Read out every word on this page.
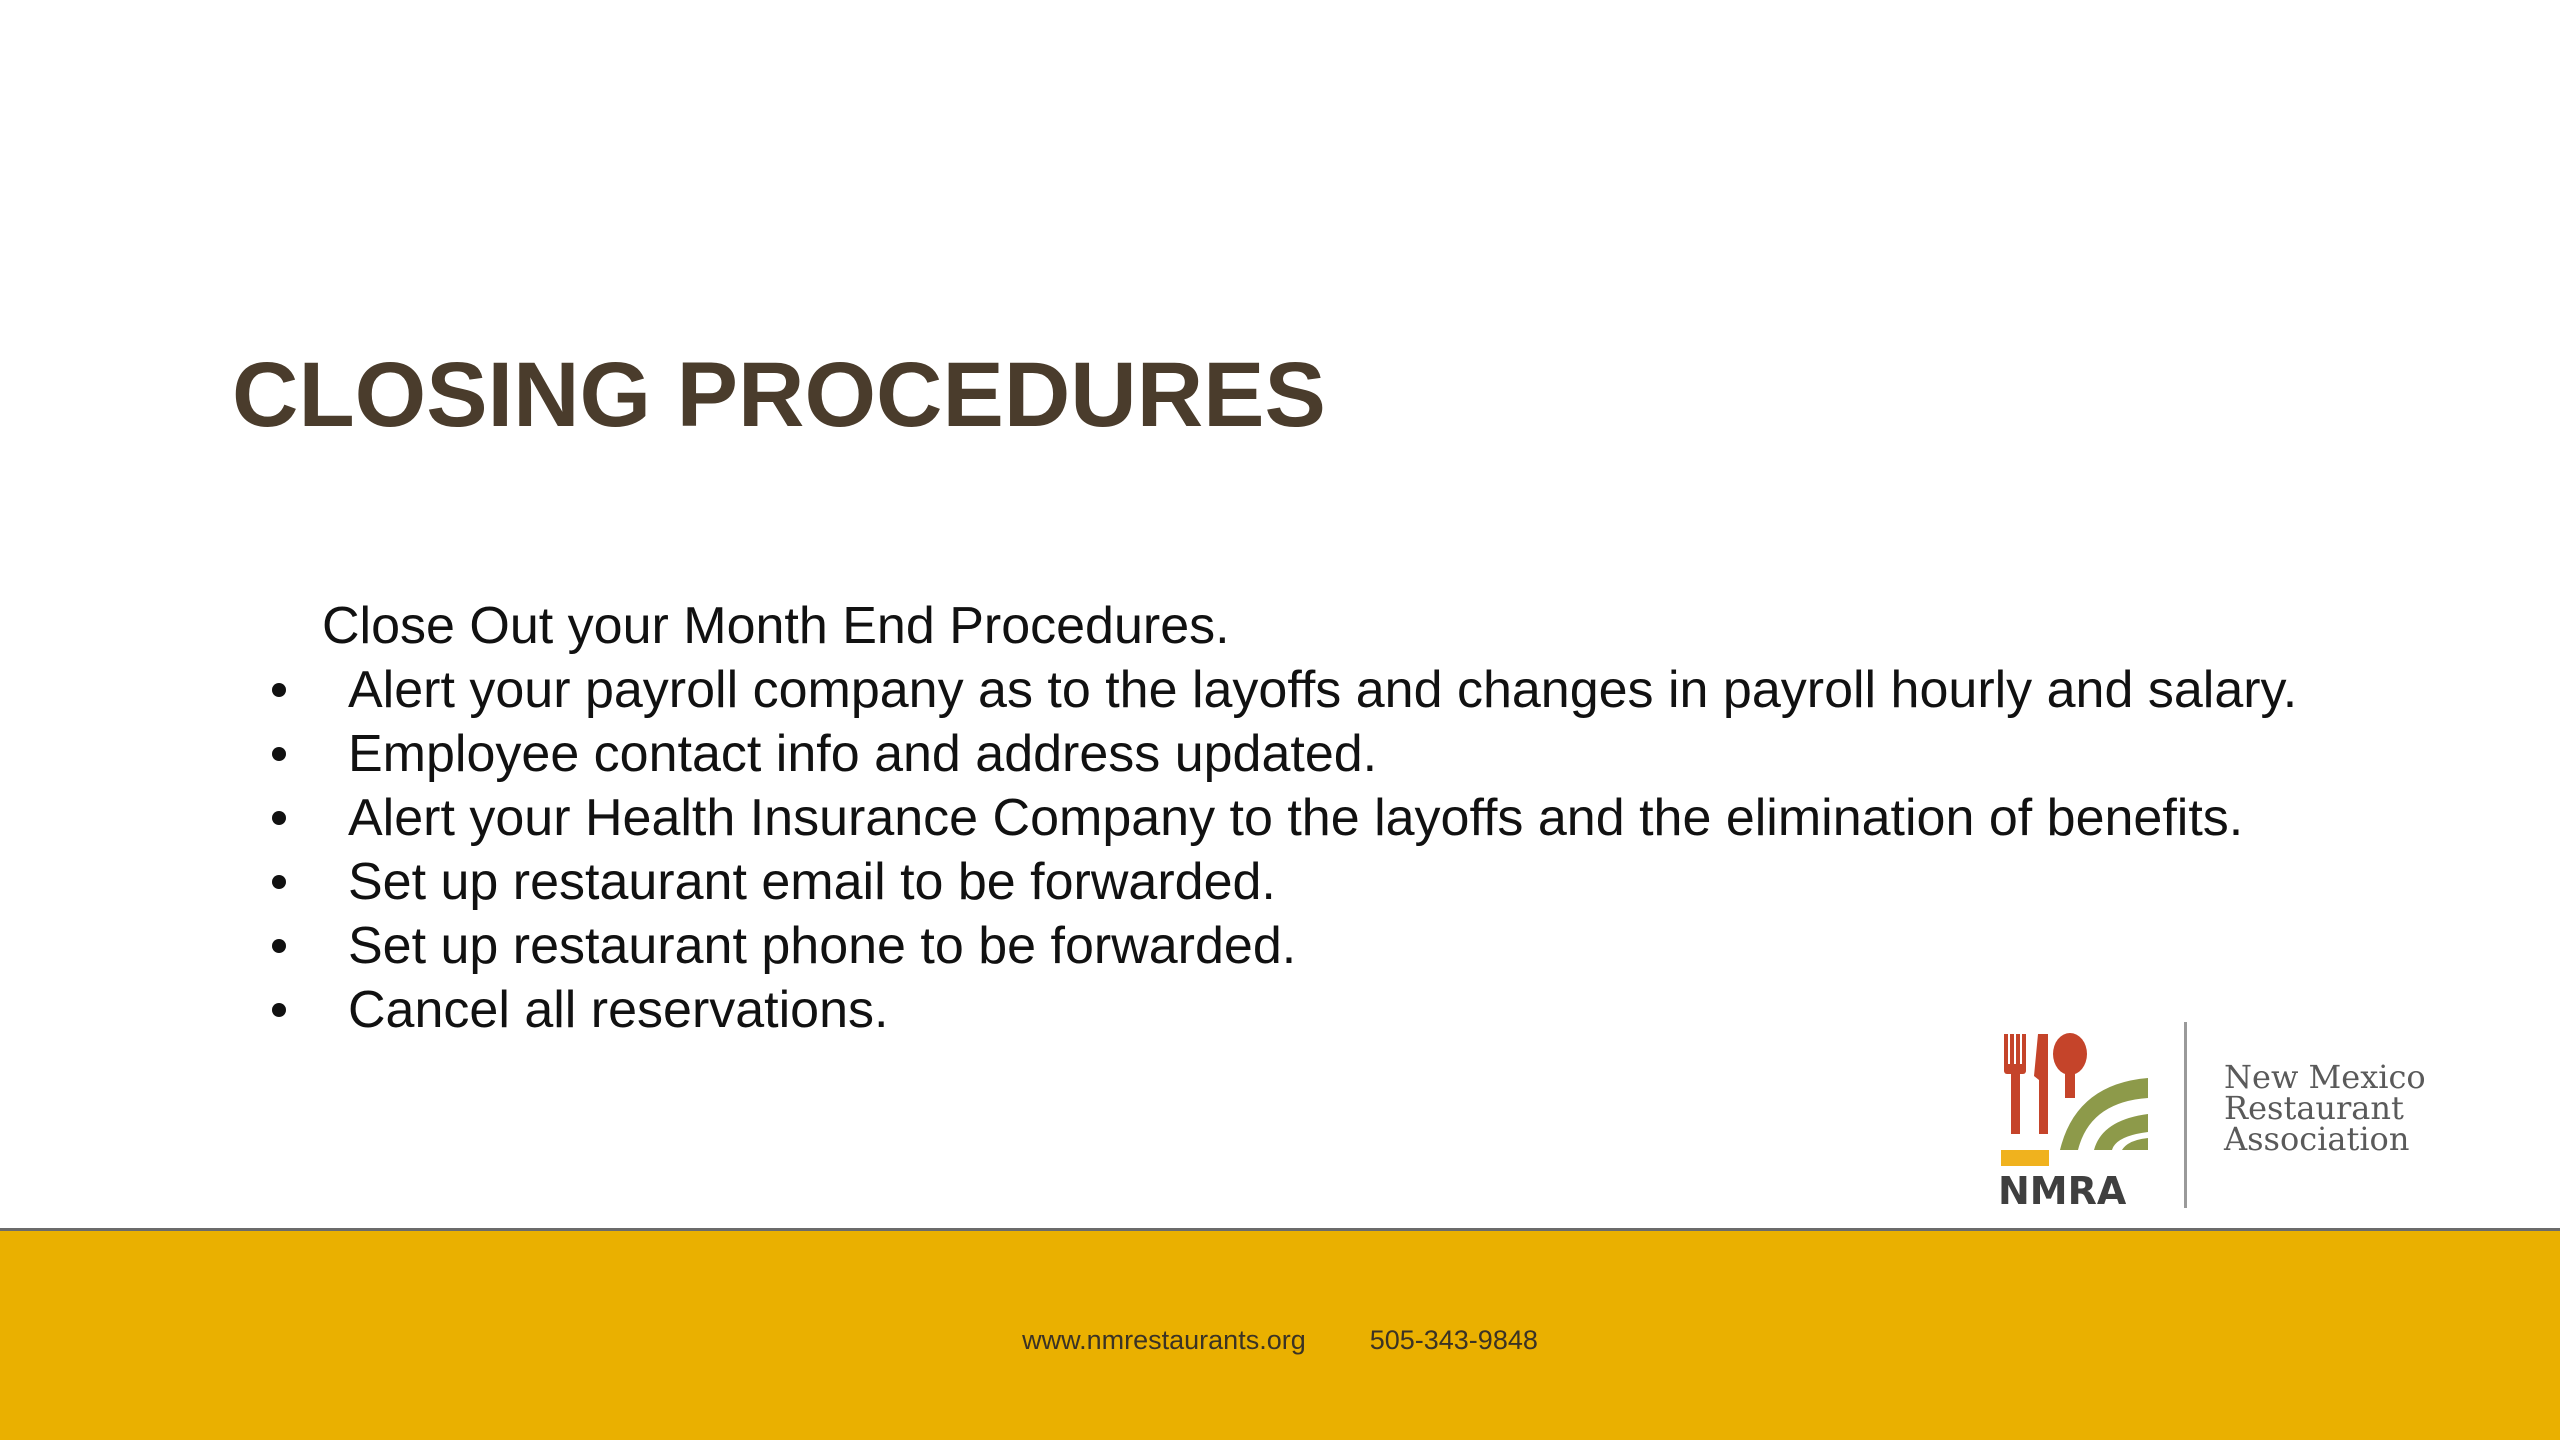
CLOSING PROCEDURES

Close Out your Month End Procedures.

Alert your payroll company as to the layoffs and changes in payroll hourly and salary.
Employee contact info and address updated.
Alert your Health Insurance Company to the layoffs and the elimination of benefits.
Set up restaurant email to be forwarded.
Set up restaurant phone to be forwarded.
Cancel all reservations.
NMRA
New Mexico
Restaurant
Association
www.nmrestaurants.org 505-343-9848
